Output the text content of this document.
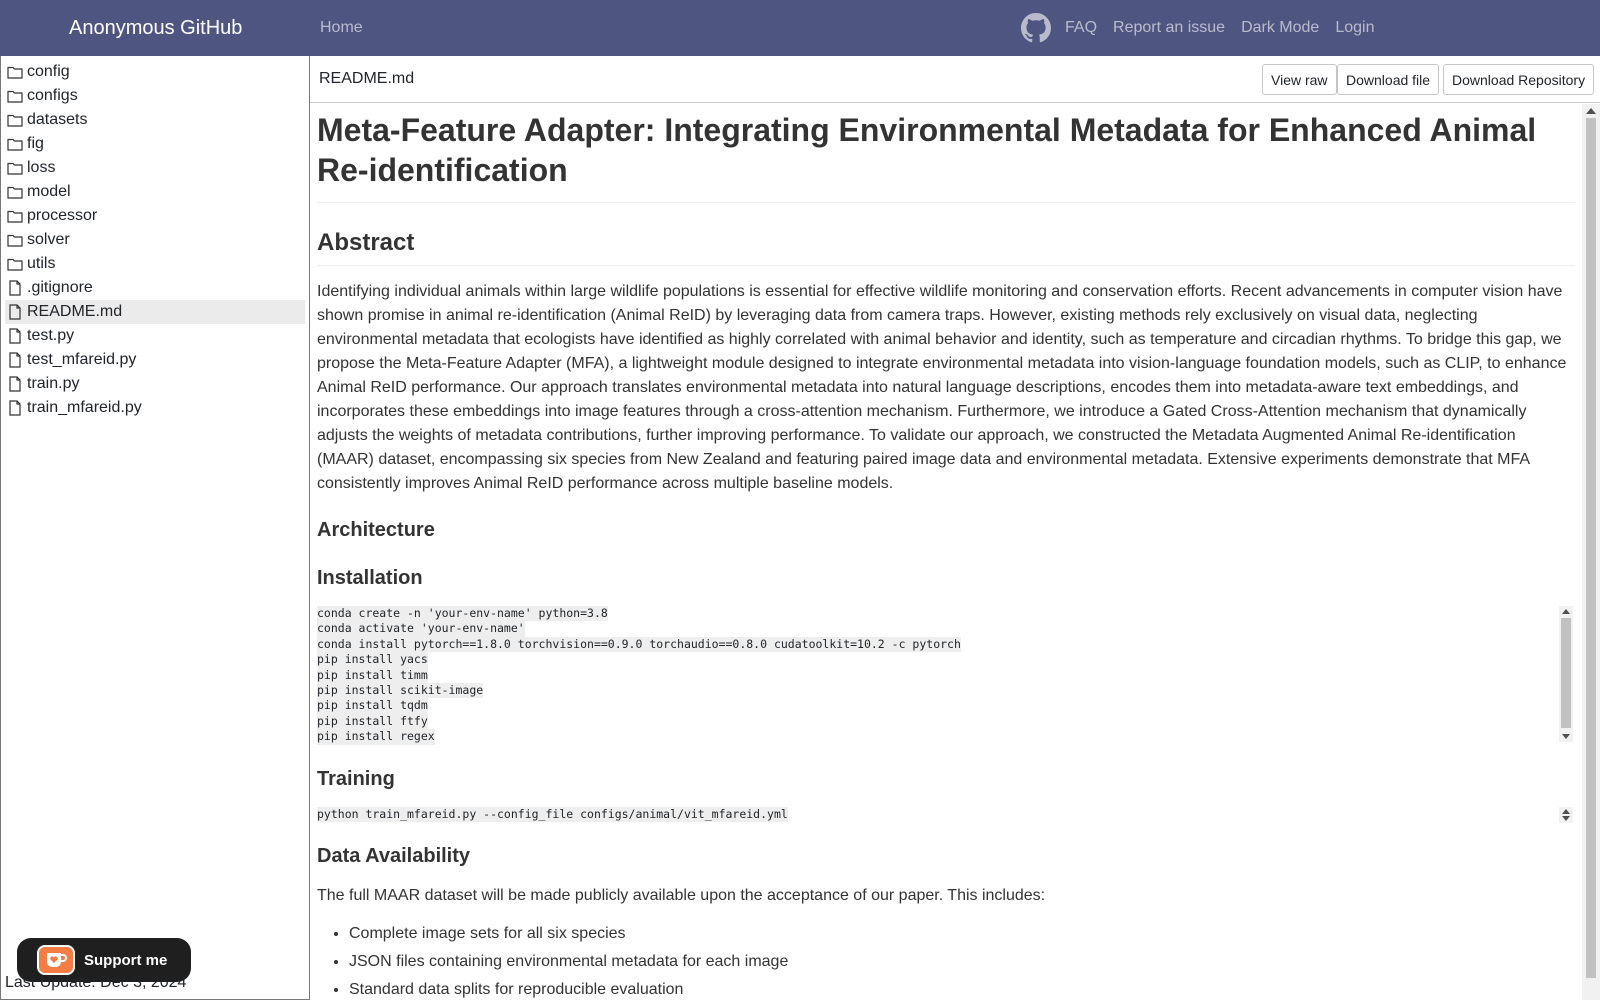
Anonymous GitHub	Home	FAQ Report an issue Dark Mode Login
config
configs
datasets
fig
loss
model
processor
solver
utils
.gitignore
README.md
test.py
test_mfareid.py
train.py
train_mfareid.py
Support me
Last Update: Dec 3, 2024
README.md	View raw	Download file	Download Repository
Meta-Feature Adapter: Integrating Environmental Metadata for Enhanced Animal Re-identification
Abstract

Identifying individual animals within large wildlife populations is essential for effective wildlife monitoring and conservation efforts. Recent advancements in computer vision have shown promise in animal re-identification (Animal ReID) by leveraging data from camera traps. However, existing methods rely exclusively on visual data, neglecting environmental metadata that ecologists have identified as highly correlated with animal behavior and identity, such as temperature and circadian rhythms. To bridge this gap, we propose the Meta-Feature Adapter (MFA), a lightweight module designed to integrate environmental metadata into vision-language foundation models, such as CLIP, to enhance Animal ReID performance. Our approach translates environmental metadata into natural language descriptions, encodes them into metadata-aware text embeddings, and incorporates these embeddings into image features through a cross-attention mechanism. Furthermore, we introduce a Gated Cross-Attention mechanism that dynamically adjusts the weights of metadata contributions, further improving performance. To validate our approach, we constructed the Metadata Augmented Animal Re-identification (MAAR) dataset, encompassing six species from New Zealand and featuring paired image data and environmental metadata. Extensive experiments demonstrate that MFA consistently improves Animal ReID performance across multiple baseline models.

Architecture
Installation
conda create -n 'your-env-name' python=3.8
conda activate 'your-env-name'
conda install pytorch==1.8.0 torchvision==0.9.0 torchaudio==0.8.0 cudatoolkit=10.2 -c pytorch
pip install yacs
pip install timm
pip install scikit-image
pip install tqdm
pip install ftfy
pip install regex
Training
python train_mfareid.py --config_file configs/animal/vit_mfareid.yml
Data Availability

The full MAAR dataset will be made publicly available upon the acceptance of our paper. This includes:

• Complete image sets for all six species
• JSON files containing environmental metadata for each image
• Standard data splits for reproducible evaluation
